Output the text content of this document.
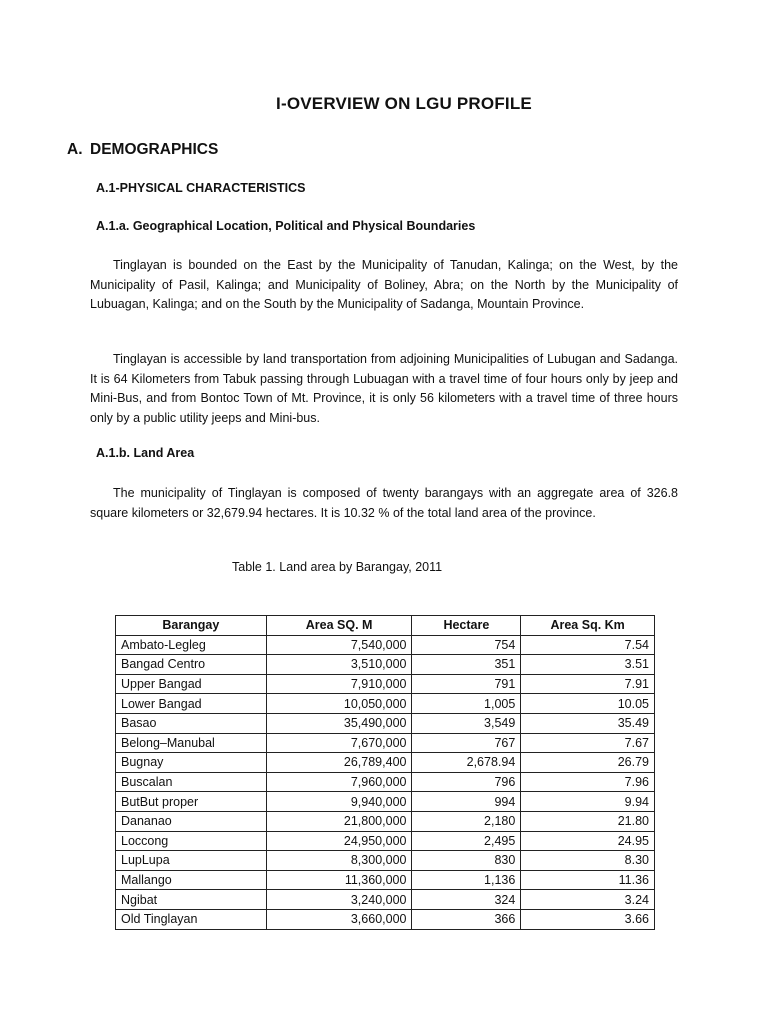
I-OVERVIEW ON LGU PROFILE
A. DEMOGRAPHICS
A.1-PHYSICAL CHARACTERISTICS
A.1.a. Geographical Location, Political and Physical Boundaries

Tinglayan is bounded on the East by the Municipality of Tanudan, Kalinga; on the West, by the Municipality of Pasil, Kalinga; and Municipality of Boliney, Abra; on the North by the Municipality of Lubuagan, Kalinga; and on the South by the Municipality of Sadanga, Mountain Province.

Tinglayan is accessible by land transportation from adjoining Municipalities of Lubugan and Sadanga. It is 64 Kilometers from Tabuk passing through Lubuagan with a travel time of four hours only by jeep and Mini-Bus, and from Bontoc Town of Mt. Province, it is only 56 kilometers with a travel time of three hours only by a public utility jeeps and Mini-bus.

A.1.b. Land Area

The municipality of Tinglayan is composed of twenty barangays with an aggregate area of 326.8 square kilometers or 32,679.94 hectares. It is 10.32 % of the total land area of the province.

Table 1. Land area by Barangay, 2011
Barangay	Area SQ. M	Hectare	Area Sq. Km
Ambato-Legleg	7,540,000	754	7.54
Bangad Centro	3,510,000	351	3.51
Upper Bangad	7,910,000	791	7.91
Lower Bangad	10,050,000	1,005	10.05
Basao	35,490,000	3,549	35.49
Belong–Manubal	7,670,000	767	7.67
Bugnay	26,789,400	2,678.94	26.79
Buscalan	7,960,000	796	7.96
ButBut proper	9,940,000	994	9.94
Dananao	21,800,000	2,180	21.80
Loccong	24,950,000	2,495	24.95
LupLupa	8,300,000	830	8.30
Mallango	11,360,000	1,136	11.36
Ngibat	3,240,000	324	3.24
Old Tinglayan	3,660,000	366	3.66
